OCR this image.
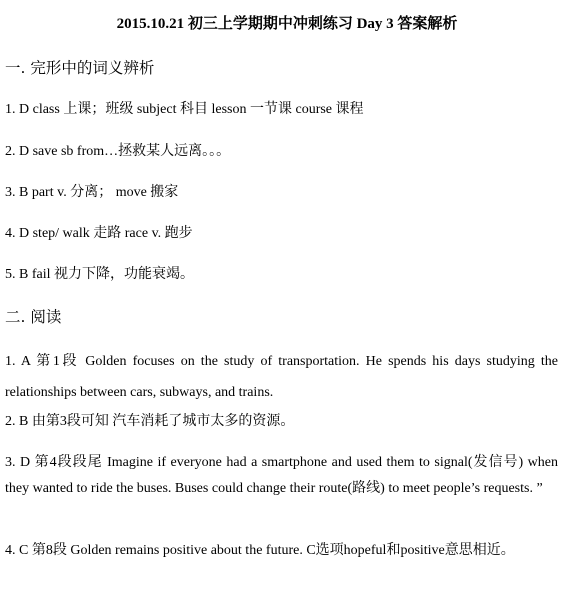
2015.10.21 初三上学期期中冲刺练习 Day 3 答案解析
一. 完形中的词义辨析
1. D class 上课；班级 subject 科目 lesson 一节课 course 课程
2. D save sb from…拯救某人远离。。。
3. B part v. 分离； move 搬家
4. D step/ walk 走路 race v. 跑步
5. B fail 视力下降，功能衰竭。
二. 阅读
1. A 第1段 Golden focuses on the study of transportation. He spends his days studying the relationships between cars, subways, and trains.
2. B 由第3段可知 汽车消耗了城市太多的资源。
3. D 第4段段尾 Imagine if everyone had a smartphone and used them to signal(发信号) when they wanted to ride the buses. Buses could change their route(路线) to meet people’s requests. ”
4. C 第8段 Golden remains positive about the future. C选项hopeful和positive意思相近。
